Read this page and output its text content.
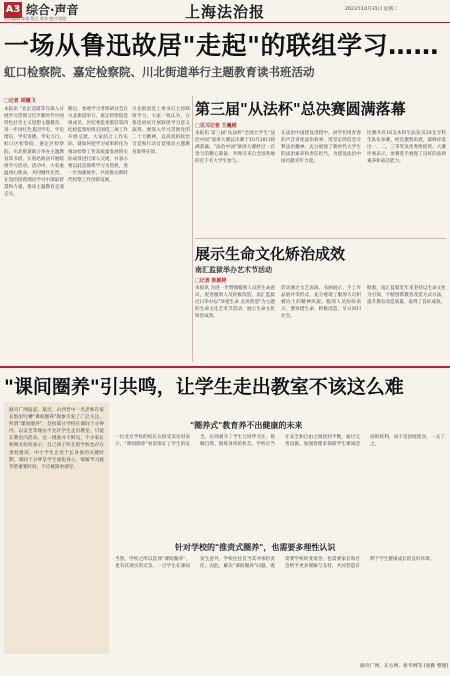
A3 综合·声音
责任编辑 陈娟 版式 黄涛 校对 阳阳	上海法治报	2023年10月31日 星期二
一场从鲁迅故居"走起"的联组学习……
虹口检察院、嘉定检察院、川北街道举行主题教育读书班活动
□记者 胡曦飞
本报讯 "北京话剧等在深入开展学习贯彻习近平新时代中国特色社会主义思想主题教育，进一步用红色基因学史、学史增信，学史崇德、学史力行，虹口区检察院、嘉定区检察院、川北街道联合举办主题教育读书班，在鲁迅故居开展联组学习活动。活动中，大家重温初心使命，共同缅怀先烈，在党的创新理论学习中汲取智慧和力量，推动主题教育走深走实。
随后，参观学习考察研讨会在川北街道举行，嘉定检察院党组成员、区纪委监委派驻第四纪检监察组组长围绕三项工作开展交流。大家结合工作实际，就如何把学习成果转化为推动检察工作高质量发展的实际成效进行深入交流，并表示要以此次联组学习为契机，进一步加强协作，共同推动新时代检察工作创新发展。
川北街道党工委书记主持联组学习。大家一致认为，在鲁迅故居开展联组学习意义深刻，要深入学习贯彻党的二十大精神，以高度的政治自觉和行动自觉推动主题教育取得实效。
第三届"从法杯"总决赛圆满落幕
□见习记者 王巍越
本报讯 第三届"从法杯"全国大学生"法治中国"演讲大赛总决赛于10月28日圆满落幕。"法治中国"演讲大赛经过一百余天的精心筹备，共吸引来自全国各地的近千名大学生参与。
在法治中国建设进程中，同学们用青春的声音讲述法治故事，用坚定的信念诠释法治精神，充分展现了新时代大学生的法治素养和责任担当，为建设法治中国贡献青年力量。
比赛共有16支本科生队伍及20支专科生队伍参赛，经过激烈角逐，最终评选出一、二、三等奖及优秀组织奖。大赛评委表示，参赛选手展现了良好的法律素养和表达能力。
展示生命文化矫治成效
南汇监狱举办艺术节活动
□记者 陈颖婷
本报讯 为进一步增强服刑人员的生命意识，促进服刑人员积极改造，南汇监狱近日举办以"珍爱生命 点亮希望"为主题的生命文化艺术节活动，展示生命文化矫治成效。
活动通过文艺表演、书画展示、手工作品展评等形式，充分展现了服刑人员积极向上的精神风貌。服刑人员纷纷表示，要珍惜生命，积极改造，早日回归社会。
据悉，南汇监狱近年来坚持以生命文化为引领，不断创新教育改造方式方法，提升教育改造质量，取得了良好成效。
"课间圈养"引共鸣，让学生走出教室不该这么难
据央广网报道，最近，山西晋中一名老师在家长群里吐槽"课间圈养"现象引发了广泛关注。所谓"课间圈养"，是指部分学校在课间十分钟内，以安全等理由不允许学生走出教室，只能在教室内活动。这一现象并不鲜见，不少家长和网友纷纷表示，自己孩子所在的学校也存在类似情况。中小学生正处于长身体的关键时期，课间十分钟是学生放松身心、缓解学习疲劳的重要时间，不应被简单剥夺。
"圈养式"教育养不出健康的未来
一位北京学校的校长在接受采访时表示，"课间圈养"看似保证了学生的安全，实则剥夺了学生与同伴交往、接触自然、锻炼身体的机会。学校应当在安全和自由之间找到平衡，通过完善设施、加强管理来保障学生课间活动的权利，而不是因噎废食，一关了之。
针对学校的"推责式圈养"，也需要多理性认识
当然，学校之所以选择"课间圈养"，也有其现实的无奈。一旦学生在课间发生意外，学校往往首当其冲承担责任。因此，解决"课间圈养"问题，既需要学校转变观念，也需要家长和社会给予更多理解与支持，共同营造有利于学生健康成长的良好环境。
据央广网、东方网、新华网等 (张勤 整理)
